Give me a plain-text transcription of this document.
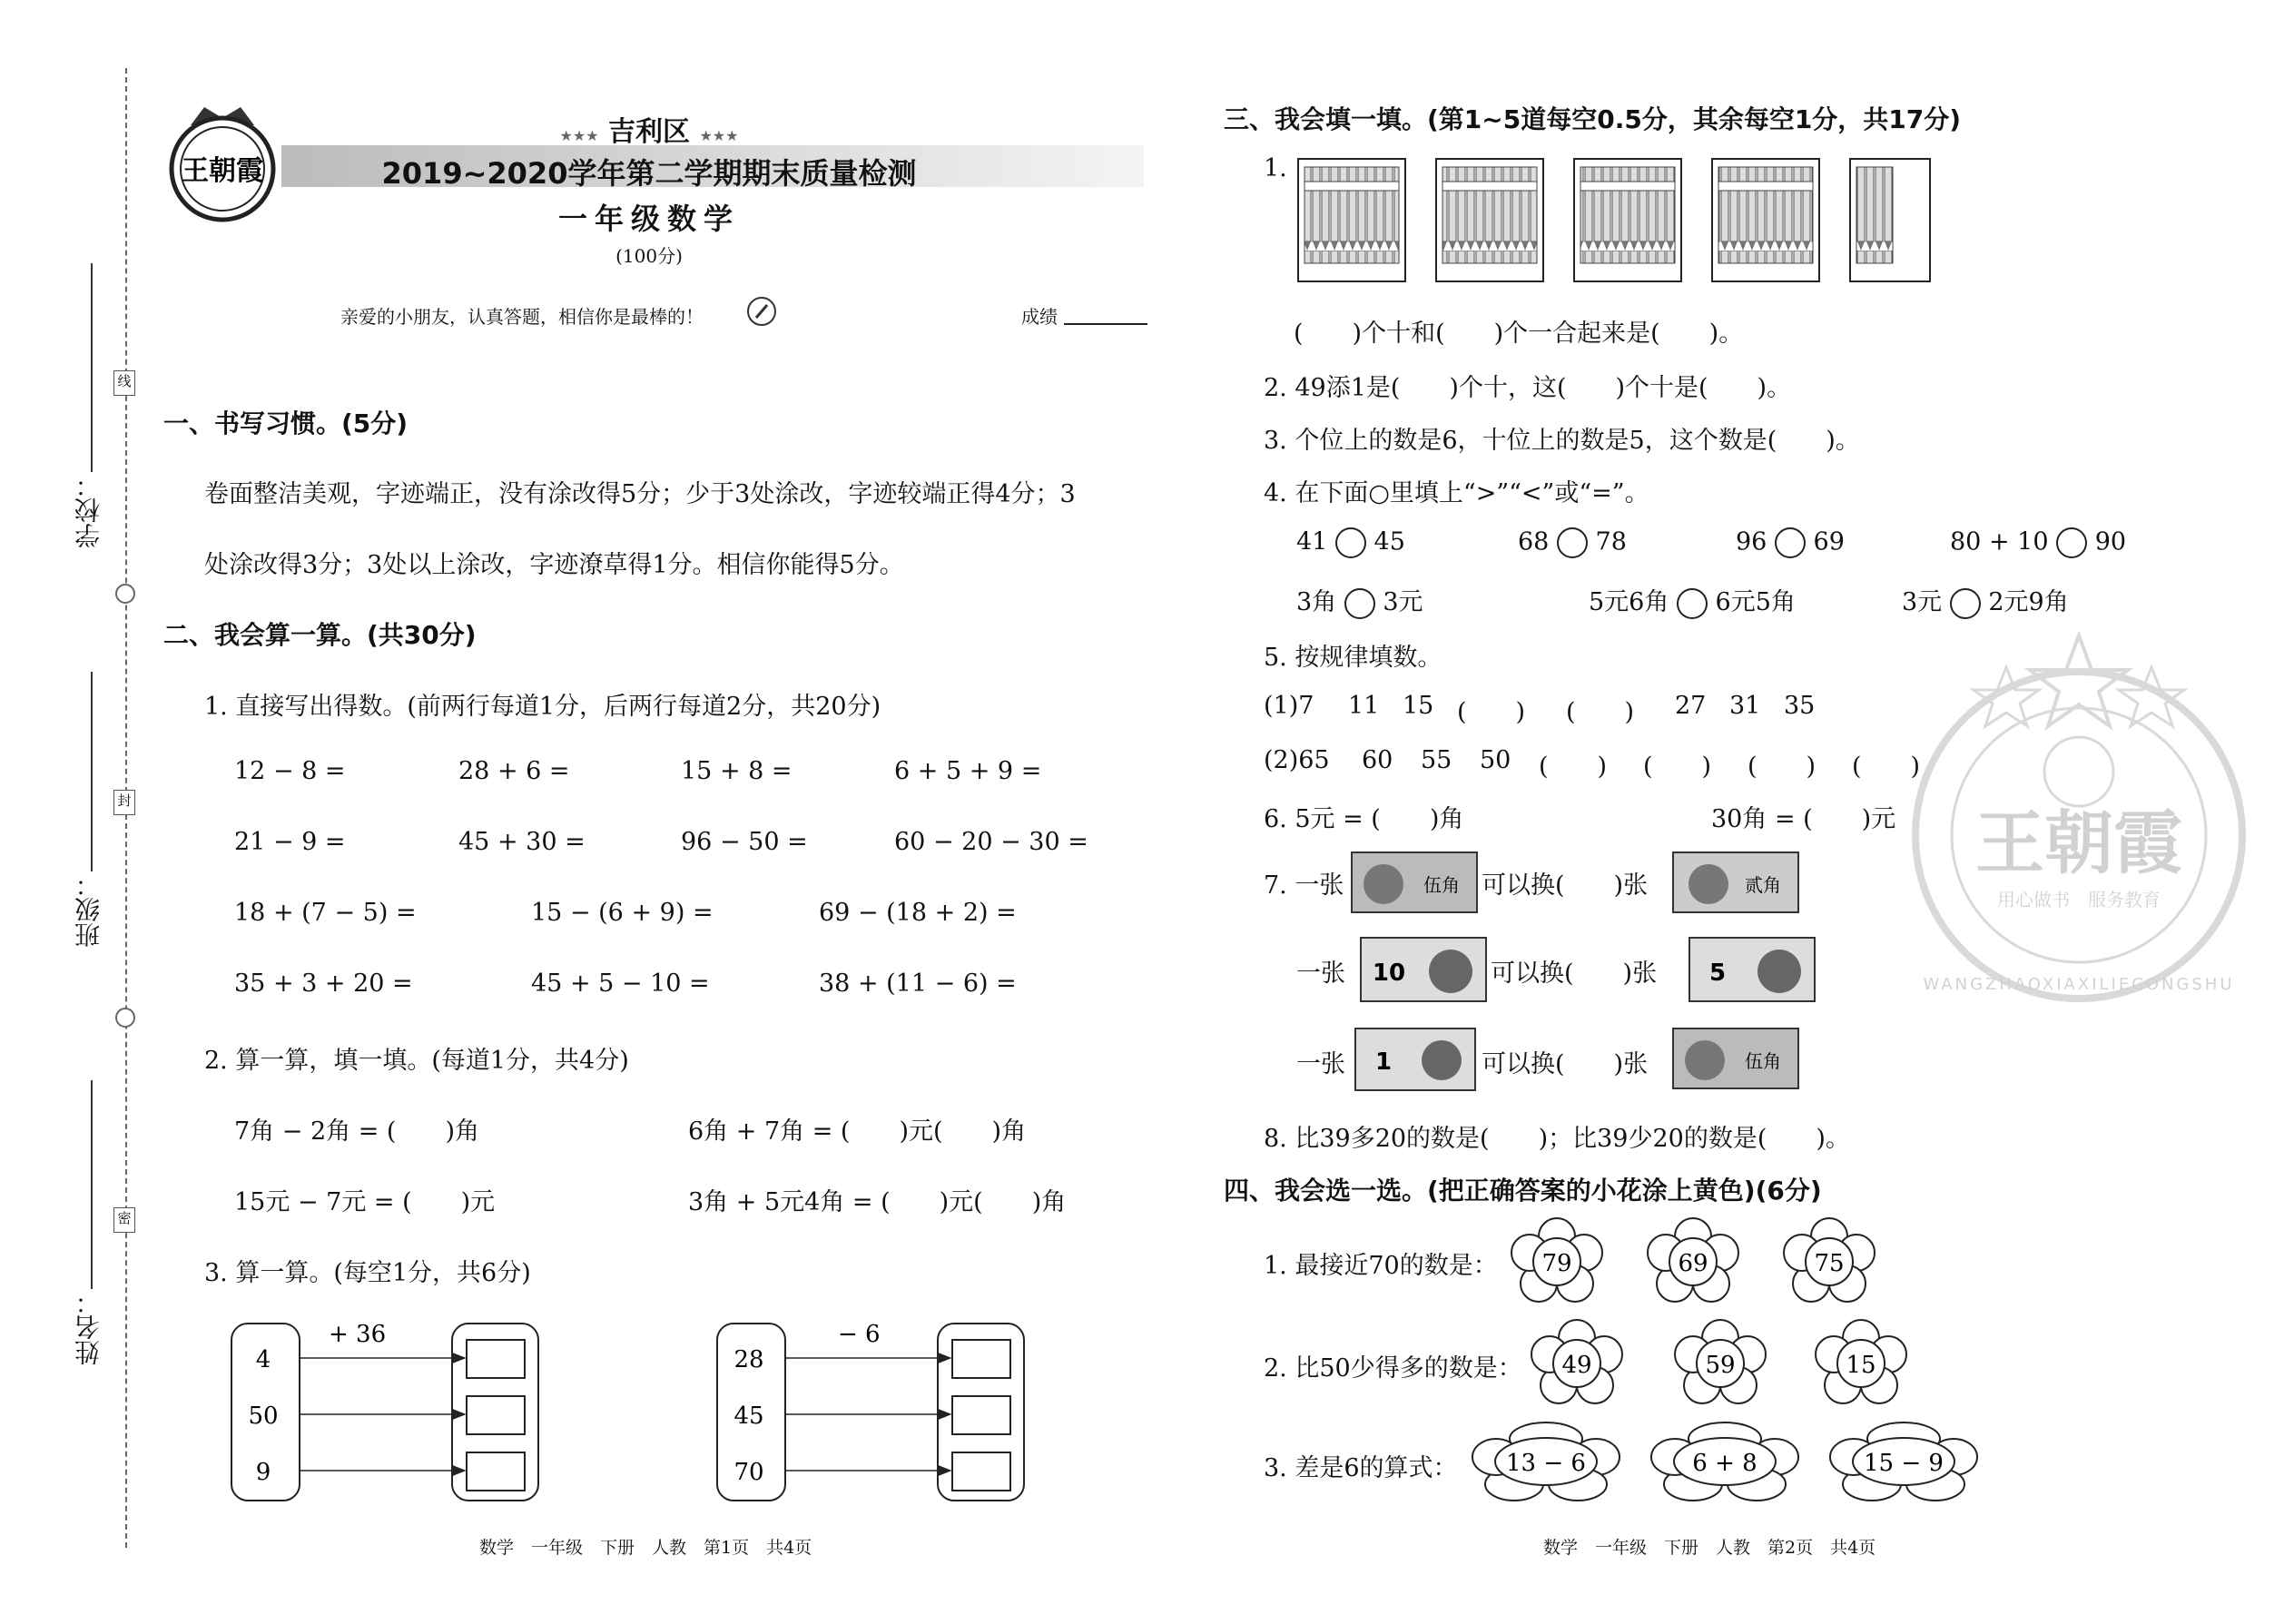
线
封
密
学校：
班级：
姓名：
王朝霞
★★★ 吉利区 ★★★
2019~2020学年第二学期期末质量检测
一年级数学
(100分)
亲爱的小朋友，认真答题，相信你是最棒的！	成绩
一、书写习惯。(5分)
卷面整洁美观，字迹端正，没有涂改得5分；少于3处涂改，字迹较端正得4分；3
处涂改得3分；3处以上涂改，字迹潦草得1分。相信你能得5分。
二、我会算一算。(共30分)
1. 直接写出得数。(前两行每道1分，后两行每道2分，共20分)
12 − 8 =	28 + 6 =	15 + 8 =	6 + 5 + 9 =
21 − 9 =	45 + 30 =	96 − 50 =	60 − 20 − 30 =
18 + (7 − 5) =	15 − (6 + 9) =	69 − (18 + 2) =
35 + 3 + 20 =	45 + 5 − 10 =	38 + (11 − 6) =
2. 算一算，填一填。(每道1分，共4分)
7角 − 2角 = (　　)角	6角 + 7角 = (　　)元(　　)角
15元 − 7元 = (　　)元	3角 + 5元4角 = (　　)元(　　)角
3. 算一算。(每空1分，共6分)
+ 36
4
50
9
− 6
28
45
70
数学　一年级　下册　人教　第1页　共4页
王朝霞
用心做书　服务教育
WANGZHAOXIAXILIECONGSHU
三、我会填一填。(第1~5道每空0.5分，其余每空1分，共17分)
1.
(　　)个十和(　　)个一合起来是(　　)。
2. 49添1是(　　)个十，这(　　)个十是(　　)。
3. 个位上的数是6，十位上的数是5，这个数是(　　)。
4. 在下面○里填上“>”“<”或“=”。
41 45	68 78	96 69	80 + 10 90
3角 3元	5元6角 6元5角	3元 2元9角
5. 按规律填数。
(1)7 11 15 (　　) (　　) 27 31 35
(2)65 60 55 50 (　　) (　　) (　　) (　　)
6. 5元 = (　　)角	30角 = (　　)元
7. 一张	伍角 可以换(　　)张	贰角
一张 10	可以换(　　)张 5
一张 1	可以换(　　)张	伍角
8. 比39多20的数是(　　)；比39少20的数是(　　)。
四、我会选一选。(把正确答案的小花涂上黄色)(6分)
1. 最接近70的数是： 79	69	75
2. 比50少得多的数是： 49	59	15
3. 差是6的算式： 13 − 6	6 + 8	15 − 9
数学　一年级　下册　人教　第2页　共4页
